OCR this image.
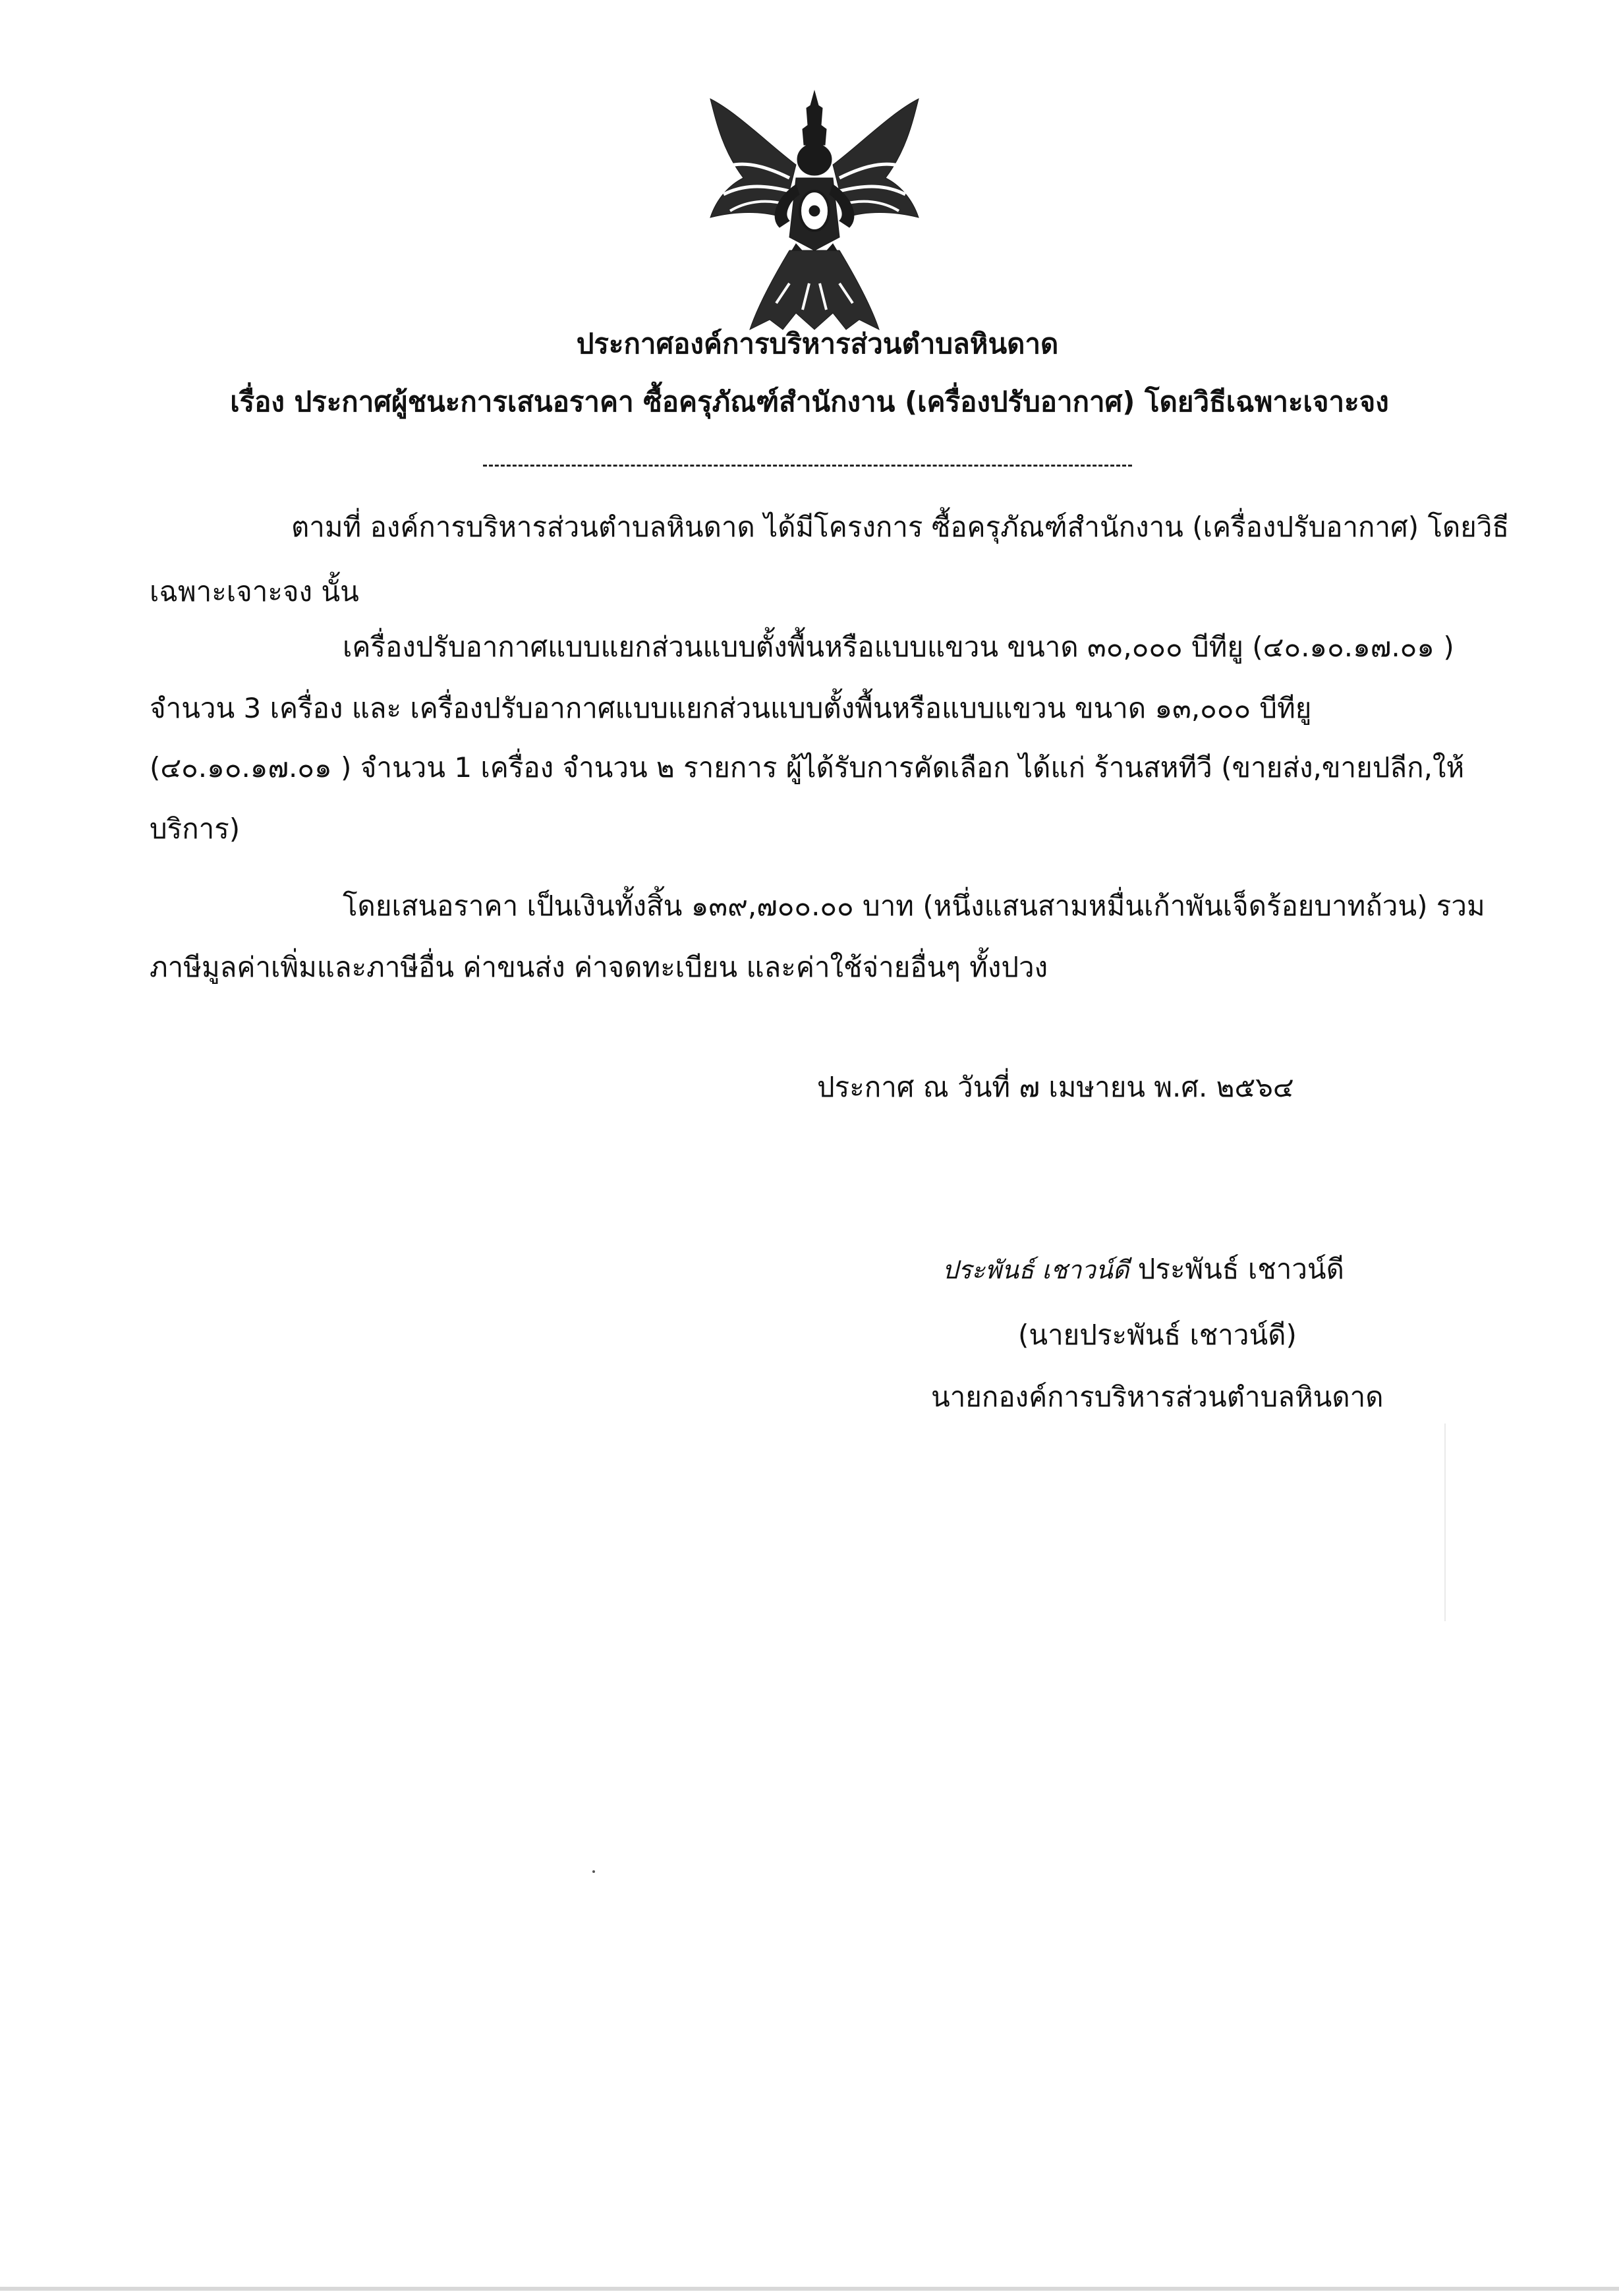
ประกาศองค์การบริหารส่วนตำบลหินดาด
เรื่อง ประกาศผู้ชนะการเสนอราคา ซื้อครุภัณฑ์สำนักงาน (เครื่องปรับอากาศ) โดยวิธีเฉพาะเจาะจง
ตามที่ องค์การบริหารส่วนตำบลหินดาด ได้มีโครงการ ซื้อครุภัณฑ์สำนักงาน (เครื่องปรับอากาศ) โดยวิธี
เฉพาะเจาะจง นั้น
เครื่องปรับอากาศแบบแยกส่วนแบบตั้งพื้นหรือแบบแขวน ขนาด ๓๐,๐๐๐ บีทียู (๔๐.๑๐.๑๗.๐๑ )
จำนวน 3 เครื่อง และ เครื่องปรับอากาศแบบแยกส่วนแบบตั้งพื้นหรือแบบแขวน ขนาด ๑๓,๐๐๐ บีทียู
(๔๐.๑๐.๑๗.๐๑ ) จำนวน 1 เครื่อง จำนวน ๒ รายการ ผู้ได้รับการคัดเลือก ได้แก่ ร้านสหทีวี (ขายส่ง,ขายปลีก,ให้
บริการ)
โดยเสนอราคา เป็นเงินทั้งสิ้น ๑๓๙,๗๐๐.๐๐ บาท (หนึ่งแสนสามหมื่นเก้าพันเจ็ดร้อยบาทถ้วน) รวม
ภาษีมูลค่าเพิ่มและภาษีอื่น ค่าขนส่ง ค่าจดทะเบียน และค่าใช้จ่ายอื่นๆ ทั้งปวง
ประกาศ ณ วันที่ ๗ เมษายน พ.ศ. ๒๕๖๔
ประพันธ์ เชาวน์ดี ประพันธ์ เชาวน์ดี
(นายประพันธ์ เชาวน์ดี)
นายกองค์การบริหารส่วนตำบลหินดาด
